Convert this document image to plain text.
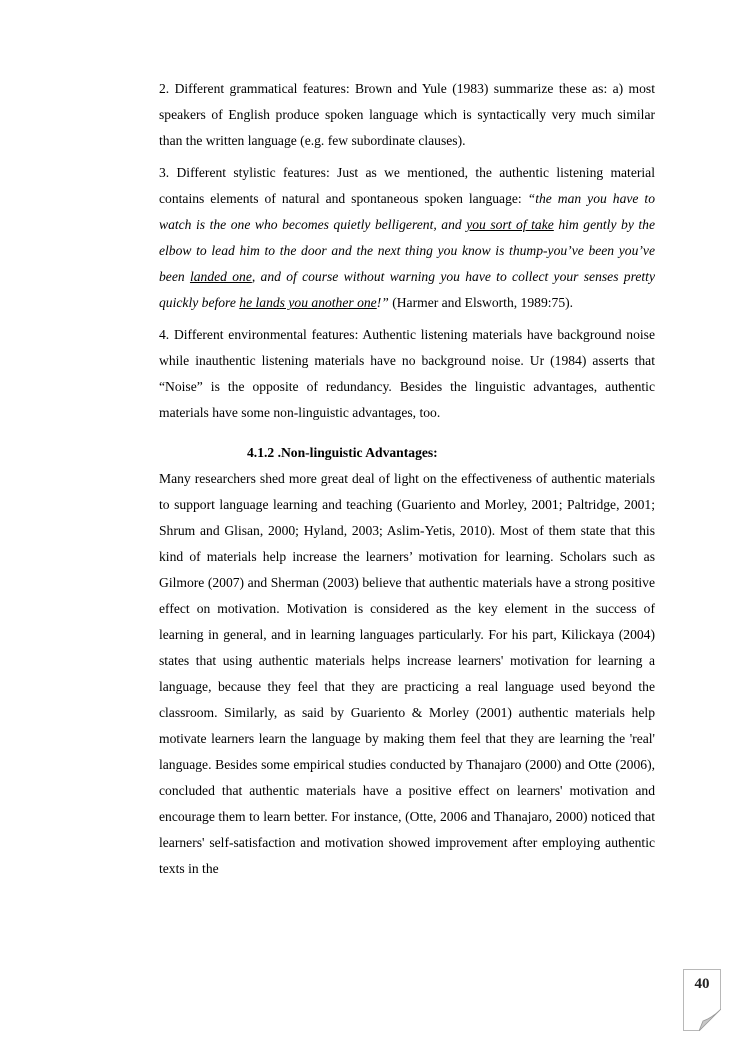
2. Different grammatical features: Brown and Yule (1983) summarize these as: a) most speakers of English produce spoken language which is syntactically very much similar than the written language (e.g. few subordinate clauses).

3. Different stylistic features: Just as we mentioned, the authentic listening material contains elements of natural and spontaneous spoken language: “the man you have to watch is the one who becomes quietly belligerent, and you sort of take him gently by the elbow to lead him to the door and the next thing you know is thump-you’ve been you’ve been landed one, and of course without warning you have to collect your senses pretty quickly before he lands you another one!” (Harmer and Elsworth, 1989:75).

4. Different environmental features: Authentic listening materials have background noise while inauthentic listening materials have no background noise. Ur (1984) asserts that “Noise” is the opposite of redundancy. Besides the linguistic advantages, authentic materials have some non-linguistic advantages, too.

4.1.2 .Non-linguistic Advantages:

Many researchers shed more great deal of light on the effectiveness of authentic materials to support language learning and teaching (Guariento and Morley, 2001; Paltridge, 2001; Shrum and Glisan, 2000; Hyland, 2003; Aslim-Yetis, 2010). Most of them state that this kind of materials help increase the learners’ motivation for learning. Scholars such as Gilmore (2007) and Sherman (2003) believe that authentic materials have a strong positive effect on motivation. Motivation is considered as the key element in the success of learning in general, and in learning languages particularly. For his part, Kilickaya (2004) states that using authentic materials helps increase learners' motivation for learning a language, because they feel that they are practicing a real language used beyond the classroom. Similarly, as said by Guariento & Morley (2001) authentic materials help motivate learners learn the language by making them feel that they are learning the 'real' language. Besides some empirical studies conducted by Thanajaro (2000) and Otte (2006), concluded that authentic materials have a positive effect on learners' motivation and encourage them to learn better. For instance, (Otte, 2006 and Thanajaro, 2000) noticed that learners' self-satisfaction and motivation showed improvement after employing authentic texts in the

40
